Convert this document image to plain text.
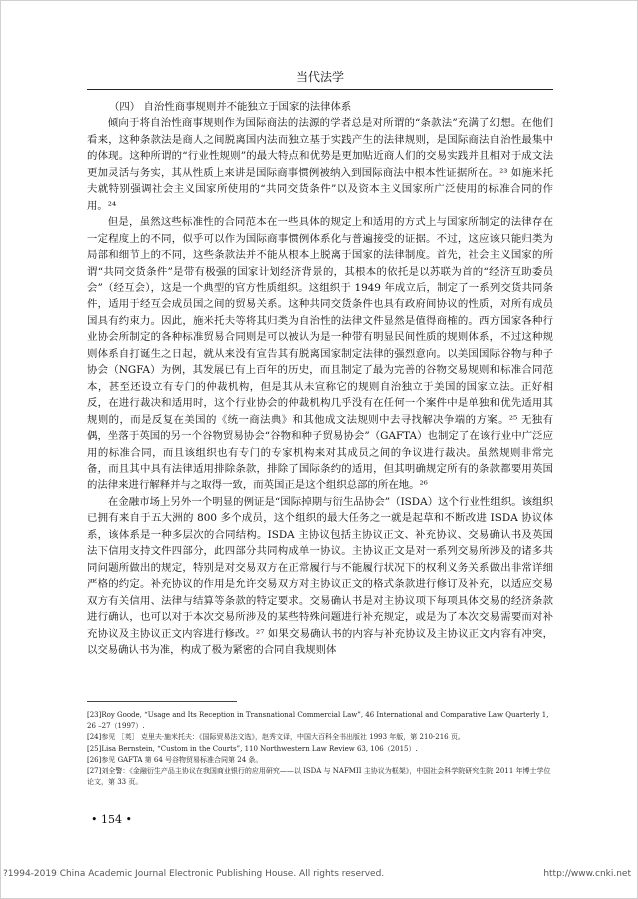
当代法学
（四） 自治性商事规则并不能独立于国家的法律体系

倾向于将自治性商事规则作为国际商法的法源的学者总是对所谓的“条款法”充满了幻想。在他们看来，这种条款法是商人之间脱离国内法而独立基于实践产生的法律规则，是国际商法自治性最集中的体现。这种所谓的“行业性规则”的最大特点和优势是更加贴近商人们的交易实践并且相对于成文法更加灵活与务实，其从性质上来讲是国际商事惯例被纳入到国际商法中根本性证据所在。²³ 如施米托夫就特别强调社会主义国家所使用的“共同交货条件”以及资本主义国家所广泛使用的标准合同的作用。²⁴

但是，虽然这些标准性的合同范本在一些具体的规定上和适用的方式上与国家所制定的法律存在一定程度上的不同，似乎可以作为国际商事惯例体系化与普遍接受的证据。不过，这应该只能归类为局部和细节上的不同，这些条款法并不能从根本上脱离于国家的法律制度。首先，社会主义国家的所谓“共同交货条件”是带有极强的国家计划经济背景的，其根本的依托是以苏联为首的“经济互助委员会”（经互会），这是一个典型的官方性质组织。这组织于 1949 年成立后，制定了一系列交货共同条件，适用于经互会成员国之间的贸易关系。这种共同交货条件也具有政府间协议的性质，对所有成员国具有约束力。因此，施米托夫等将其归类为自治性的法律文件显然是值得商榷的。西方国家各种行业协会所制定的各种标准贸易合同则是可以被认为是一种带有明显民间性质的规则体系，不过这种规则体系自打诞生之日起，就从来没有宣告其有脱离国家制定法律的强烈意向。以美国国际谷物与种子协会（NGFA）为例，其发展已有上百年的历史，而且制定了最为完善的谷物交易规则和标准合同范本，甚至还设立有专门的仲裁机构，但是其从未宣称它的规则自治独立于美国的国家立法。正好相反，在进行裁决和适用时，这个行业协会的仲裁机构几乎没有在任何一个案件中是单独和优先适用其规则的，而是反复在美国的《统一商法典》和其他成文法规则中去寻找解决争端的方案。²⁵ 无独有偶，坐落于英国的另一个谷物贸易协会“谷物和种子贸易协会”（GAFTA）也制定了在该行业中广泛应用的标准合同，而且该组织也有专门的专家机构来对其成员之间的争议进行裁决。虽然规则非常完备，而且其中具有法律适用排除条款，排除了国际条约的适用，但其明确规定所有的条款都要用英国的法律来进行解释并与之取得一致，而英国正是这个组织总部的所在地。²⁶

在金融市场上另外一个明显的例证是“国际掉期与衍生品协会”（ISDA）这个行业性组织。该组织已拥有来自于五大洲的 800 多个成员，这个组织的最大任务之一就是起草和不断改进 ISDA 协议体系，该体系是一种多层次的合同结构。ISDA 主协议包括主协议正文、补充协议、交易确认书及英国法下信用支持文件四部分，此四部分共同构成单一协议。主协议正文是对一系列交易所涉及的诸多共同问题所做出的规定，特别是对交易双方在正常履行与不能履行状况下的权利义务关系做出非常详细严格的约定。补充协议的作用是允许交易双方对主协议正文的格式条款进行修订及补充，以适应交易双方有关信用、法律与结算等条款的特定要求。交易确认书是对主协议项下每项具体交易的经济条款进行确认，也可以对于本次交易所涉及的某些特殊问题进行补充规定，或是为了本次交易需要而对补充协议及主协议正文内容进行修改。²⁷ 如果交易确认书的内容与补充协议及主协议正文内容有冲突，以交易确认书为准，构成了极为紧密的合同自我规则体

[23]Roy Goode, “Usage and Its Reception in Transnational Commercial Law”, 46 International and Comparative Law Quarterly 1, 26 –27（1997）.
[24]参见 ［英］ 克里夫·施米托夫：《国际贸易法文选》，赵秀文译，中国大百科全书出版社 1993 年版，第 210-216 页。
[25]Lisa Bernstein, “Custom in the Courts”, 110 Northwestern Law Review 63, 106（2015）.
[26]参见 GAFTA 第 64 号谷物贸易标准合同第 24 条。
[27]刘全警：《金融衍生产品主协议在我国商业银行的应用研究——以 ISDA 与 NAFMII 主协议为框架》，中国社会科学院研究生院 2011 年博士学位论文，第 33 页。
• 154 •
?1994-2019 China Academic Journal Electronic Publishing House. All rights reserved.	http://www.cnki.net
